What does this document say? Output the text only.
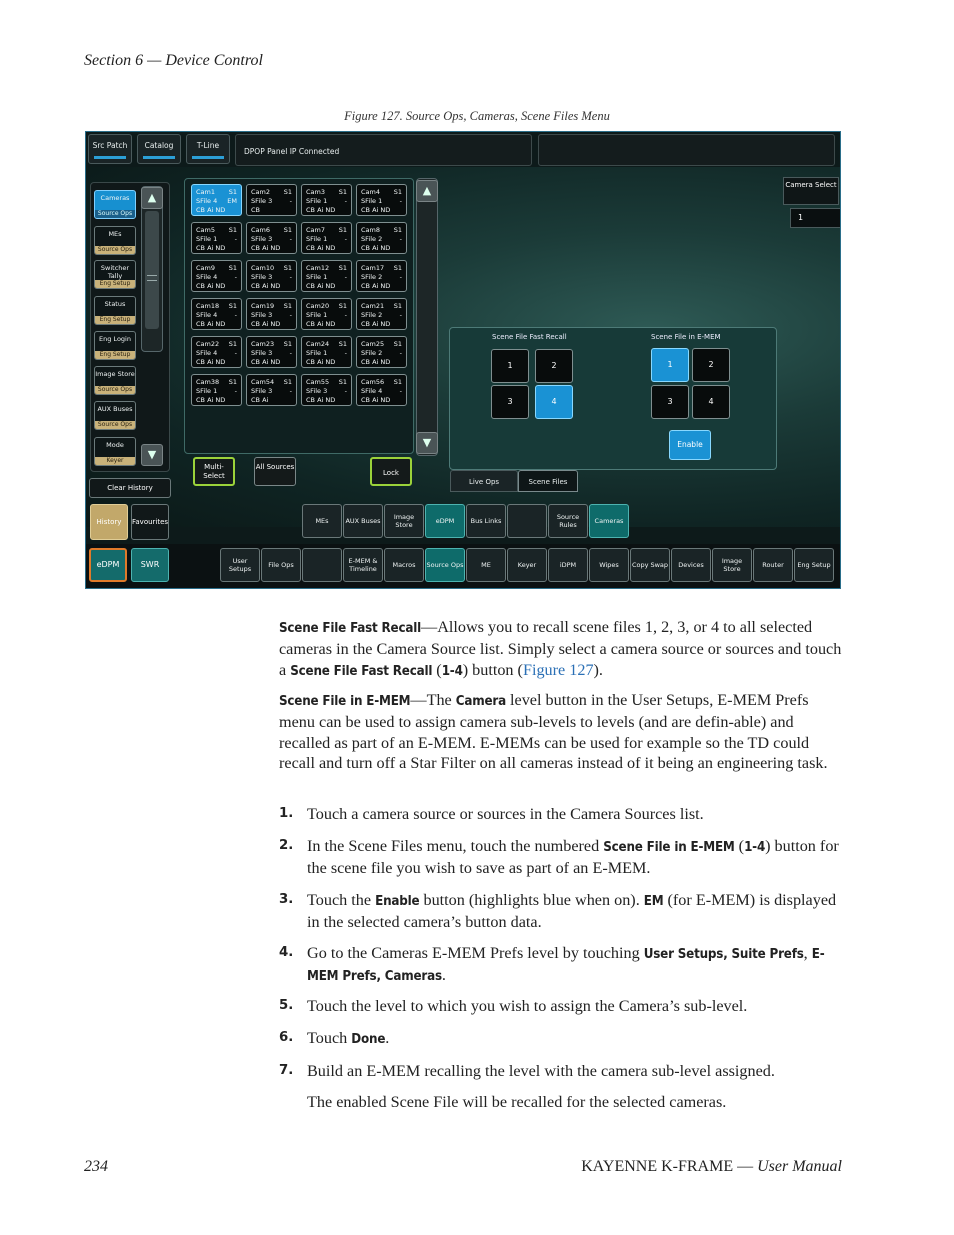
Section 6 — Device Control
Figure 127. Source Ops, Cameras, Scene Files Menu
Src Patch	Catalog	T-Line
DPOP Panel IP Connected
▲
▼
▲
▼
Multi- Select
All Sources
Lock
Camera Select
1
Scene File Fast Recall	Scene File in E-MEM
1	2
3	4
1	2
3	4
Enable
Live Ops	Scene Files
Clear History
History	Favourites
eDPM	SWR
Cameras
Source Ops
MEs
Source Ops
Switcher Tally
Eng Setup
Status
Eng Setup
Eng Login
Eng Setup
Image Store
Source Ops
AUX Buses
Source Ops
Mode
Keyer
Cam1 S1
SFile 4 EM
CB Ai ND
Cam2 S1
SFile 3	-
CB
Cam3 S1
SFile 1	-
CB Ai ND
Cam4 S1
SFile 1	-
CB Ai ND
Cam5 S1
SFile 1	-
CB Ai ND
Cam6 S1
SFile 3	-
CB Ai ND
Cam7 S1
SFile 1	-
CB Ai ND
Cam8 S1
SFile 2	-
CB Ai ND
Cam9 S1
SFile 4	-
CB Ai ND
Cam10 S1
SFile 3	-
CB Ai ND
Cam12 S1
SFile 1	-
CB Ai ND
Cam17 S1
SFile 2	-
CB Ai ND
Cam18 S1
SFile 4	-
CB Ai ND
Cam19 S1
SFile 3	-
CB Ai ND
Cam20 S1
SFile 1	-
CB Ai ND
Cam21 S1
SFile 2	-
CB Ai ND
Cam22 S1
SFile 4	-
CB Ai ND
Cam23 S1
SFile 3	-
CB Ai ND
Cam24 S1
SFile 1	-
CB Ai ND
Cam25 S1
SFile 2	-
CB Ai ND
Cam38 S1
SFile 1	-
CB Ai ND
Cam54 S1
SFile 3	-
CB Ai
Cam55 S1
SFile 3	-
CB Ai ND
Cam56 S1
SFile 4	-
CB Ai ND
MEs	AUX Buses	Image Store	eDPM	Bus Links	Source Rules	Cameras
User Setups	File Ops	E-MEM & Timeline	Macros	Source Ops	ME	Keyer	iDPM	Wipes	Copy Swap	Devices	Image Store	Router	Eng Setup
Scene File Fast Recall—Allows you to recall scene files 1, 2, 3, or 4 to all selected cameras in the Camera Source list. Simply select a camera source or sources and touch a Scene File Fast Recall (1-4) button (Figure 127).
Scene File in E-MEM—The Camera level button in the User Setups, E-MEM Prefs menu can be used to assign camera sub-levels to levels (and are defin-able) and recalled as part of an E-MEM. E-MEMs can be used for example so the TD could recall and turn off a Star Filter on all cameras instead of it being an engineering task.
1. Touch a camera source or sources in the Camera Sources list.
2. In the Scene Files menu, touch the numbered Scene File in E-MEM (1-4) button for the scene file you wish to save as part of an E-MEM.
3. Touch the Enable button (highlights blue when on). EM (for E-MEM) is displayed in the selected camera’s button data.
4. Go to the Cameras E-MEM Prefs level by touching User Setups, Suite Prefs, E-MEM Prefs, Cameras.
5. Touch the level to which you wish to assign the Camera’s sub-level.
6. Touch Done.
7. Build an E-MEM recalling the level with the camera sub-level assigned.
The enabled Scene File will be recalled for the selected cameras.
234	KAYENNE K-FRAME — User Manual
